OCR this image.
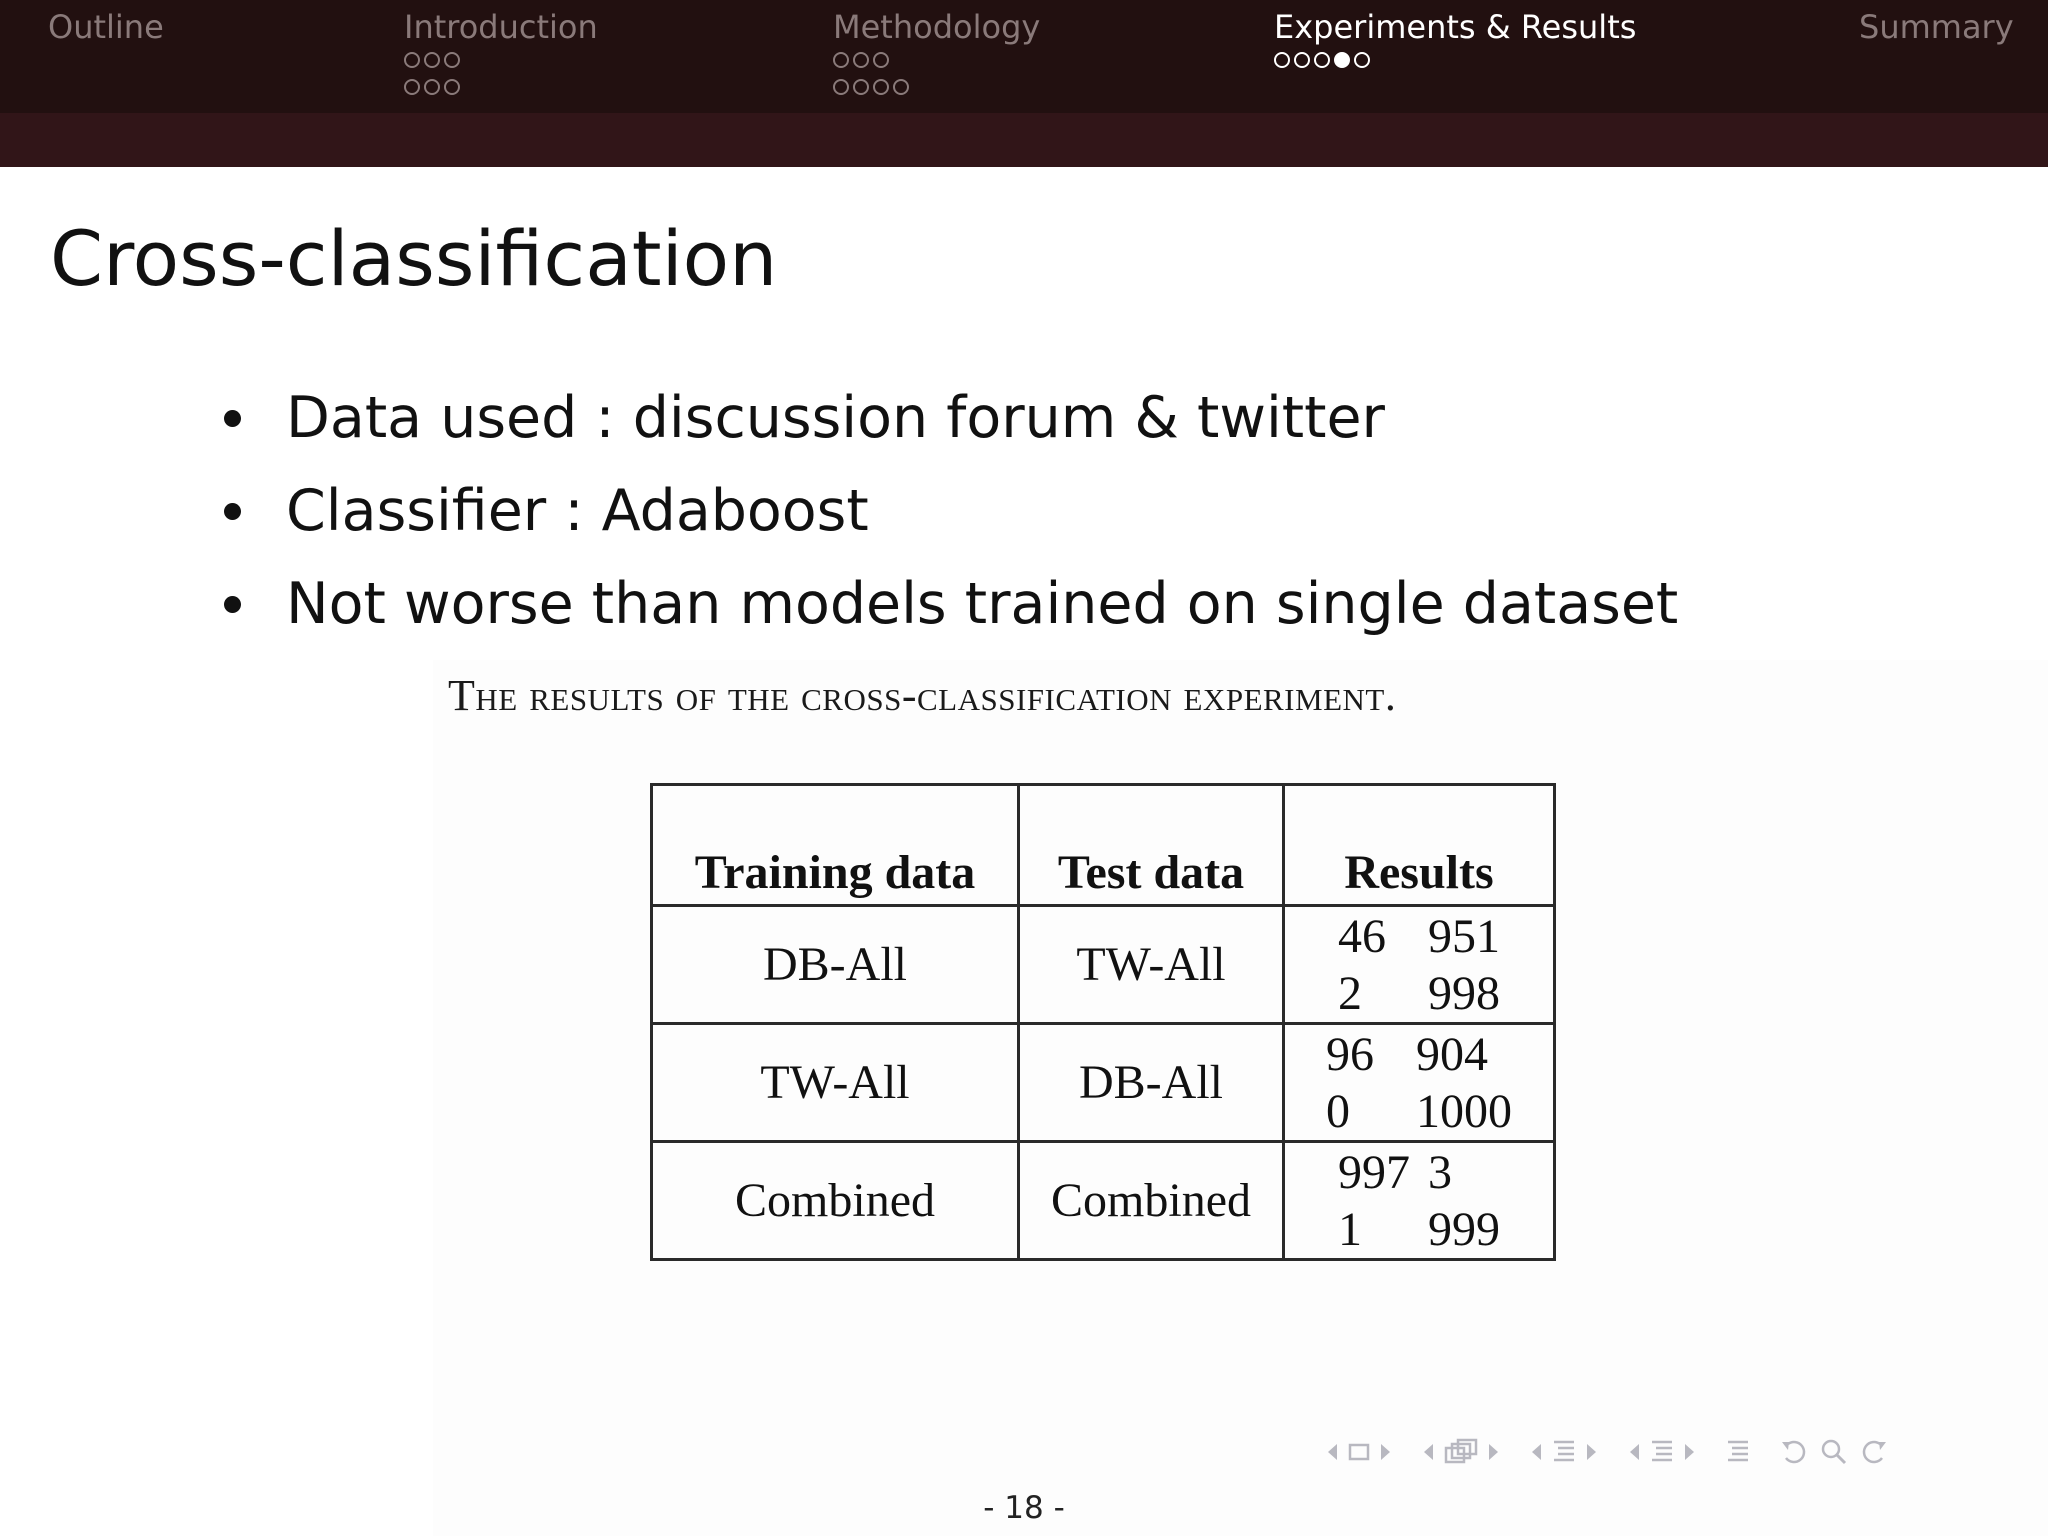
Outline	Introduction	Methodology	Experiments & Results	Summary
Cross-classification
Data used : discussion forum & twitter
Classifier : Adaboost
Not worse than models trained on single dataset
The results of the cross-classification experiment.
Training data	Test data	Results
DB-All	TW-All	46 951
2 998

TW-All	DB-All	96 904
0 1000

Combined	Combined	997 3
1 999
- 18 -
